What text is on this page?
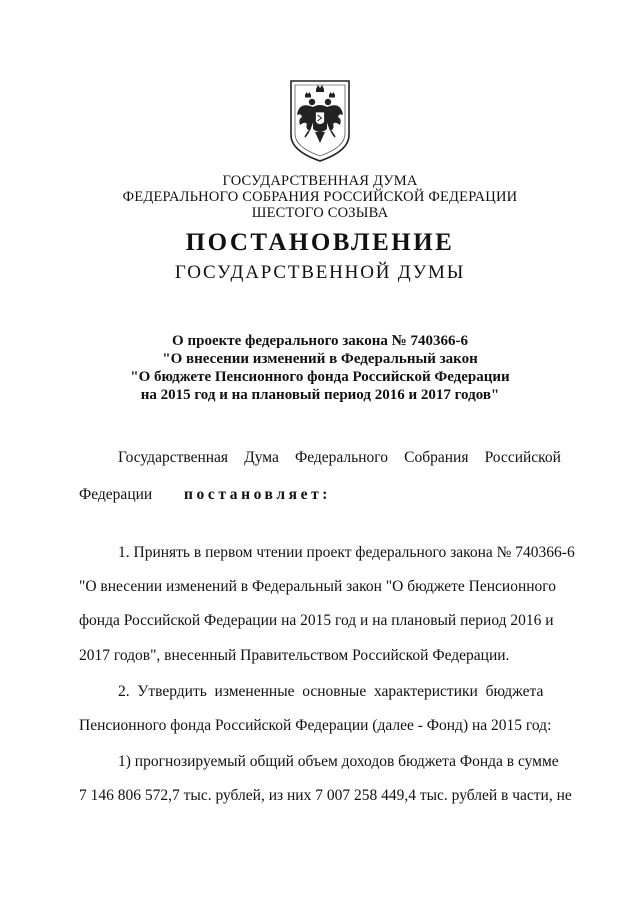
ГОСУДАРСТВЕННАЯ ДУМА
ФЕДЕРАЛЬНОГО СОБРАНИЯ РОССИЙСКОЙ ФЕДЕРАЦИИ
ШЕСТОГО СОЗЫВА
ПОСТАНОВЛЕНИЕ
ГОСУДАРСТВЕННОЙ ДУМЫ
О проекте федерального закона № 740366-6
"О внесении изменений в Федеральный закон
"О бюджете Пенсионного фонда Российской Федерации
на 2015 год и на плановый период 2016 и 2017 годов"
Государственная Дума Федерального Собрания Российской
Федерации постановляет:
1. Принять в первом чтении проект федерального закона № 740366-6
"О внесении изменений в Федеральный закон "О бюджете Пенсионного
фонда Российской Федерации на 2015 год и на плановый период 2016 и
2017 годов", внесенный Правительством Российской Федерации.
2.  Утвердить  измененные  основные  характеристики  бюджета
Пенсионного фонда Российской Федерации (далее - Фонд) на 2015 год:
1) прогнозируемый общий объем доходов бюджета Фонда в сумме
7 146 806 572,7 тыс. рублей, из них 7 007 258 449,4 тыс. рублей в части, не
